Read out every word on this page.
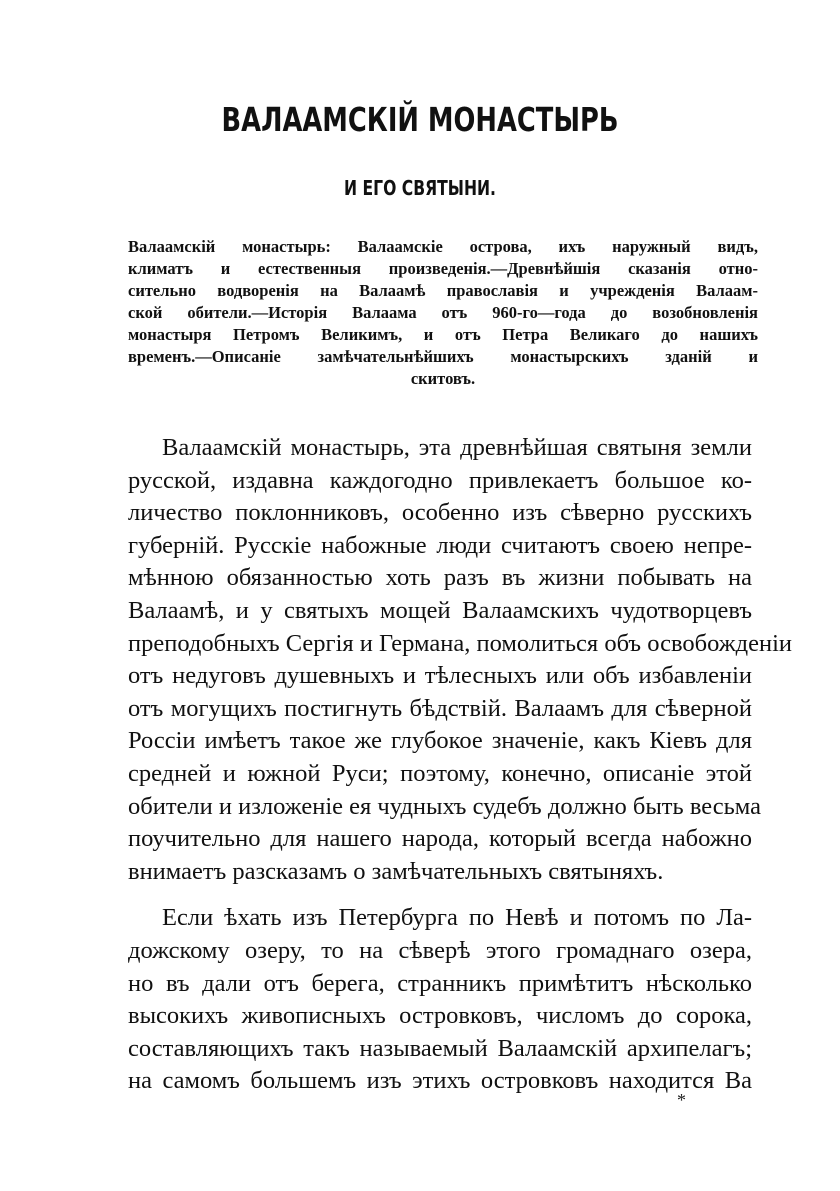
ВАЛААМСКІЙ МОНАСТЫРЬ
И ЕГО СВЯТЫНИ.
Валаамскій монастырь: Валаамскіе острова, ихъ наружный видъ,
климатъ и естественныя произведенія.—Древнѣйшія сказанія отно-
сительно водворенія на Валаамѣ православія и учрежденія Валаам-
ской обители.—Исторія Валаама отъ 960-го—года до возобновленія
монастыря Петромъ Великимъ, и отъ Петра Великаго до нашихъ
временъ.—Описаніе замѣчательнѣйшихъ монастырскихъ зданій и
скитовъ.
Валаамскій монастырь, эта древнѣйшая святыня земли
русской, издавна каждогодно привлекаетъ большое ко-
личество поклонниковъ, особенно изъ сѣверно русскихъ
губерній. Русскіе набожные люди считаютъ своею непре-
мѣнною обязанностью хоть разъ въ жизни побывать на
Валаамѣ, и у святыхъ мощей Валаамскихъ чудотворцевъ
преподобныхъ Сергія и Германа, помолиться объ освобожденіи
отъ недуговъ душевныхъ и тѣлесныхъ или объ избавленіи
отъ могущихъ постигнуть бѣдствій. Валаамъ для сѣверной
Россіи имѣетъ такое же глубокое значеніе, какъ Кіевъ для
средней и южной Руси; поэтому, конечно, описаніе этой
обители и изложеніе ея чудныхъ судебъ должно быть весьма
поучительно для нашего народа, который всегда набожно
внимаетъ разсказамъ о замѣчательныхъ святыняхъ.
Если ѣхать изъ Петербурга по Невѣ и потомъ по Ла-
дожскому озеру, то на сѣверѣ этого громаднаго озера,
но въ дали отъ берега, странникъ примѣтитъ нѣсколько
высокихъ живописныхъ островковъ, числомъ до сорока,
составляющихъ такъ называемый Валаамскій архипелагъ;
на самомъ большемъ изъ этихъ островковъ находится Ва
*
